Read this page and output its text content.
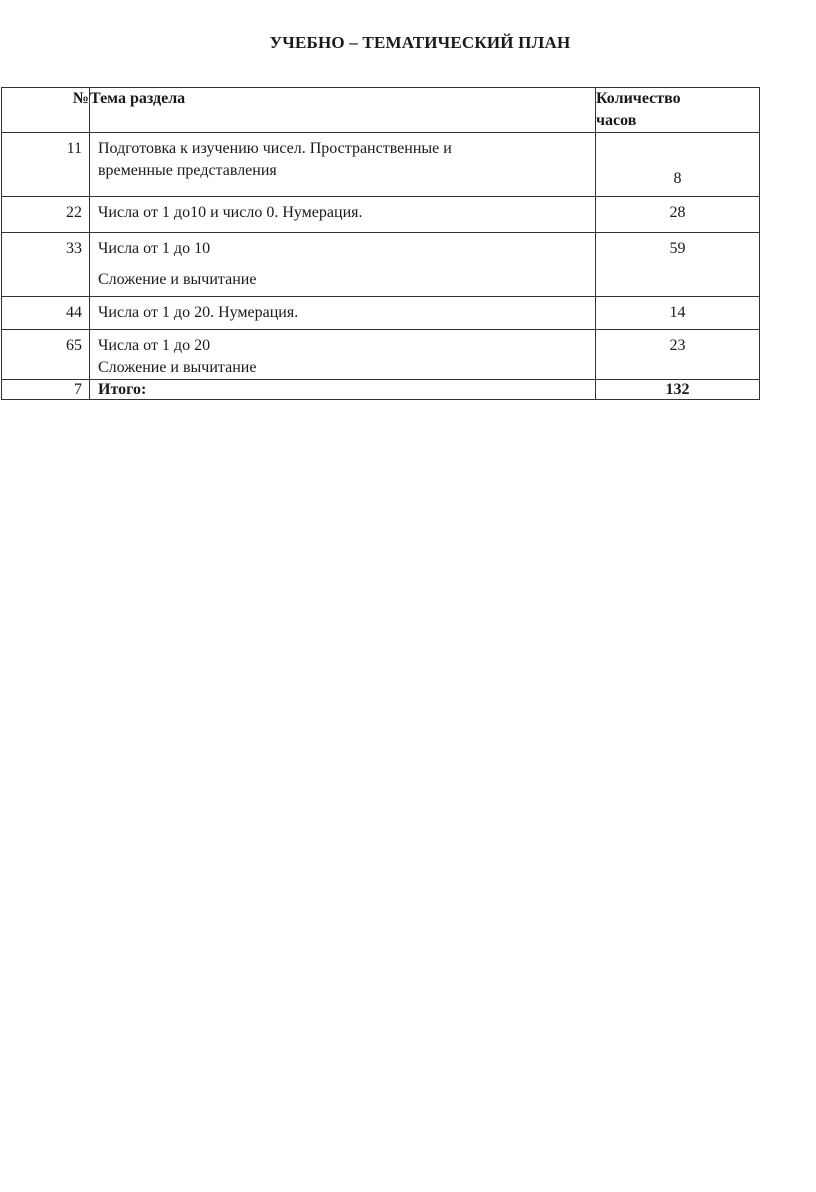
УЧЕБНО – ТЕМАТИЧЕСКИЙ ПЛАН
№	Тема раздела	Количество
часов

11	Подготовка к изучению чисел. Пространственные и
временные представления	8

22	Числа от 1 до10 и число 0. Нумерация.	28
33	Числа от 1 до 10
Сложение и вычитание	59
44	Числа от 1 до 20. Нумерация.	14
65	Числа от 1 до 20
Сложение и вычитание	23
7	Итого:	132
